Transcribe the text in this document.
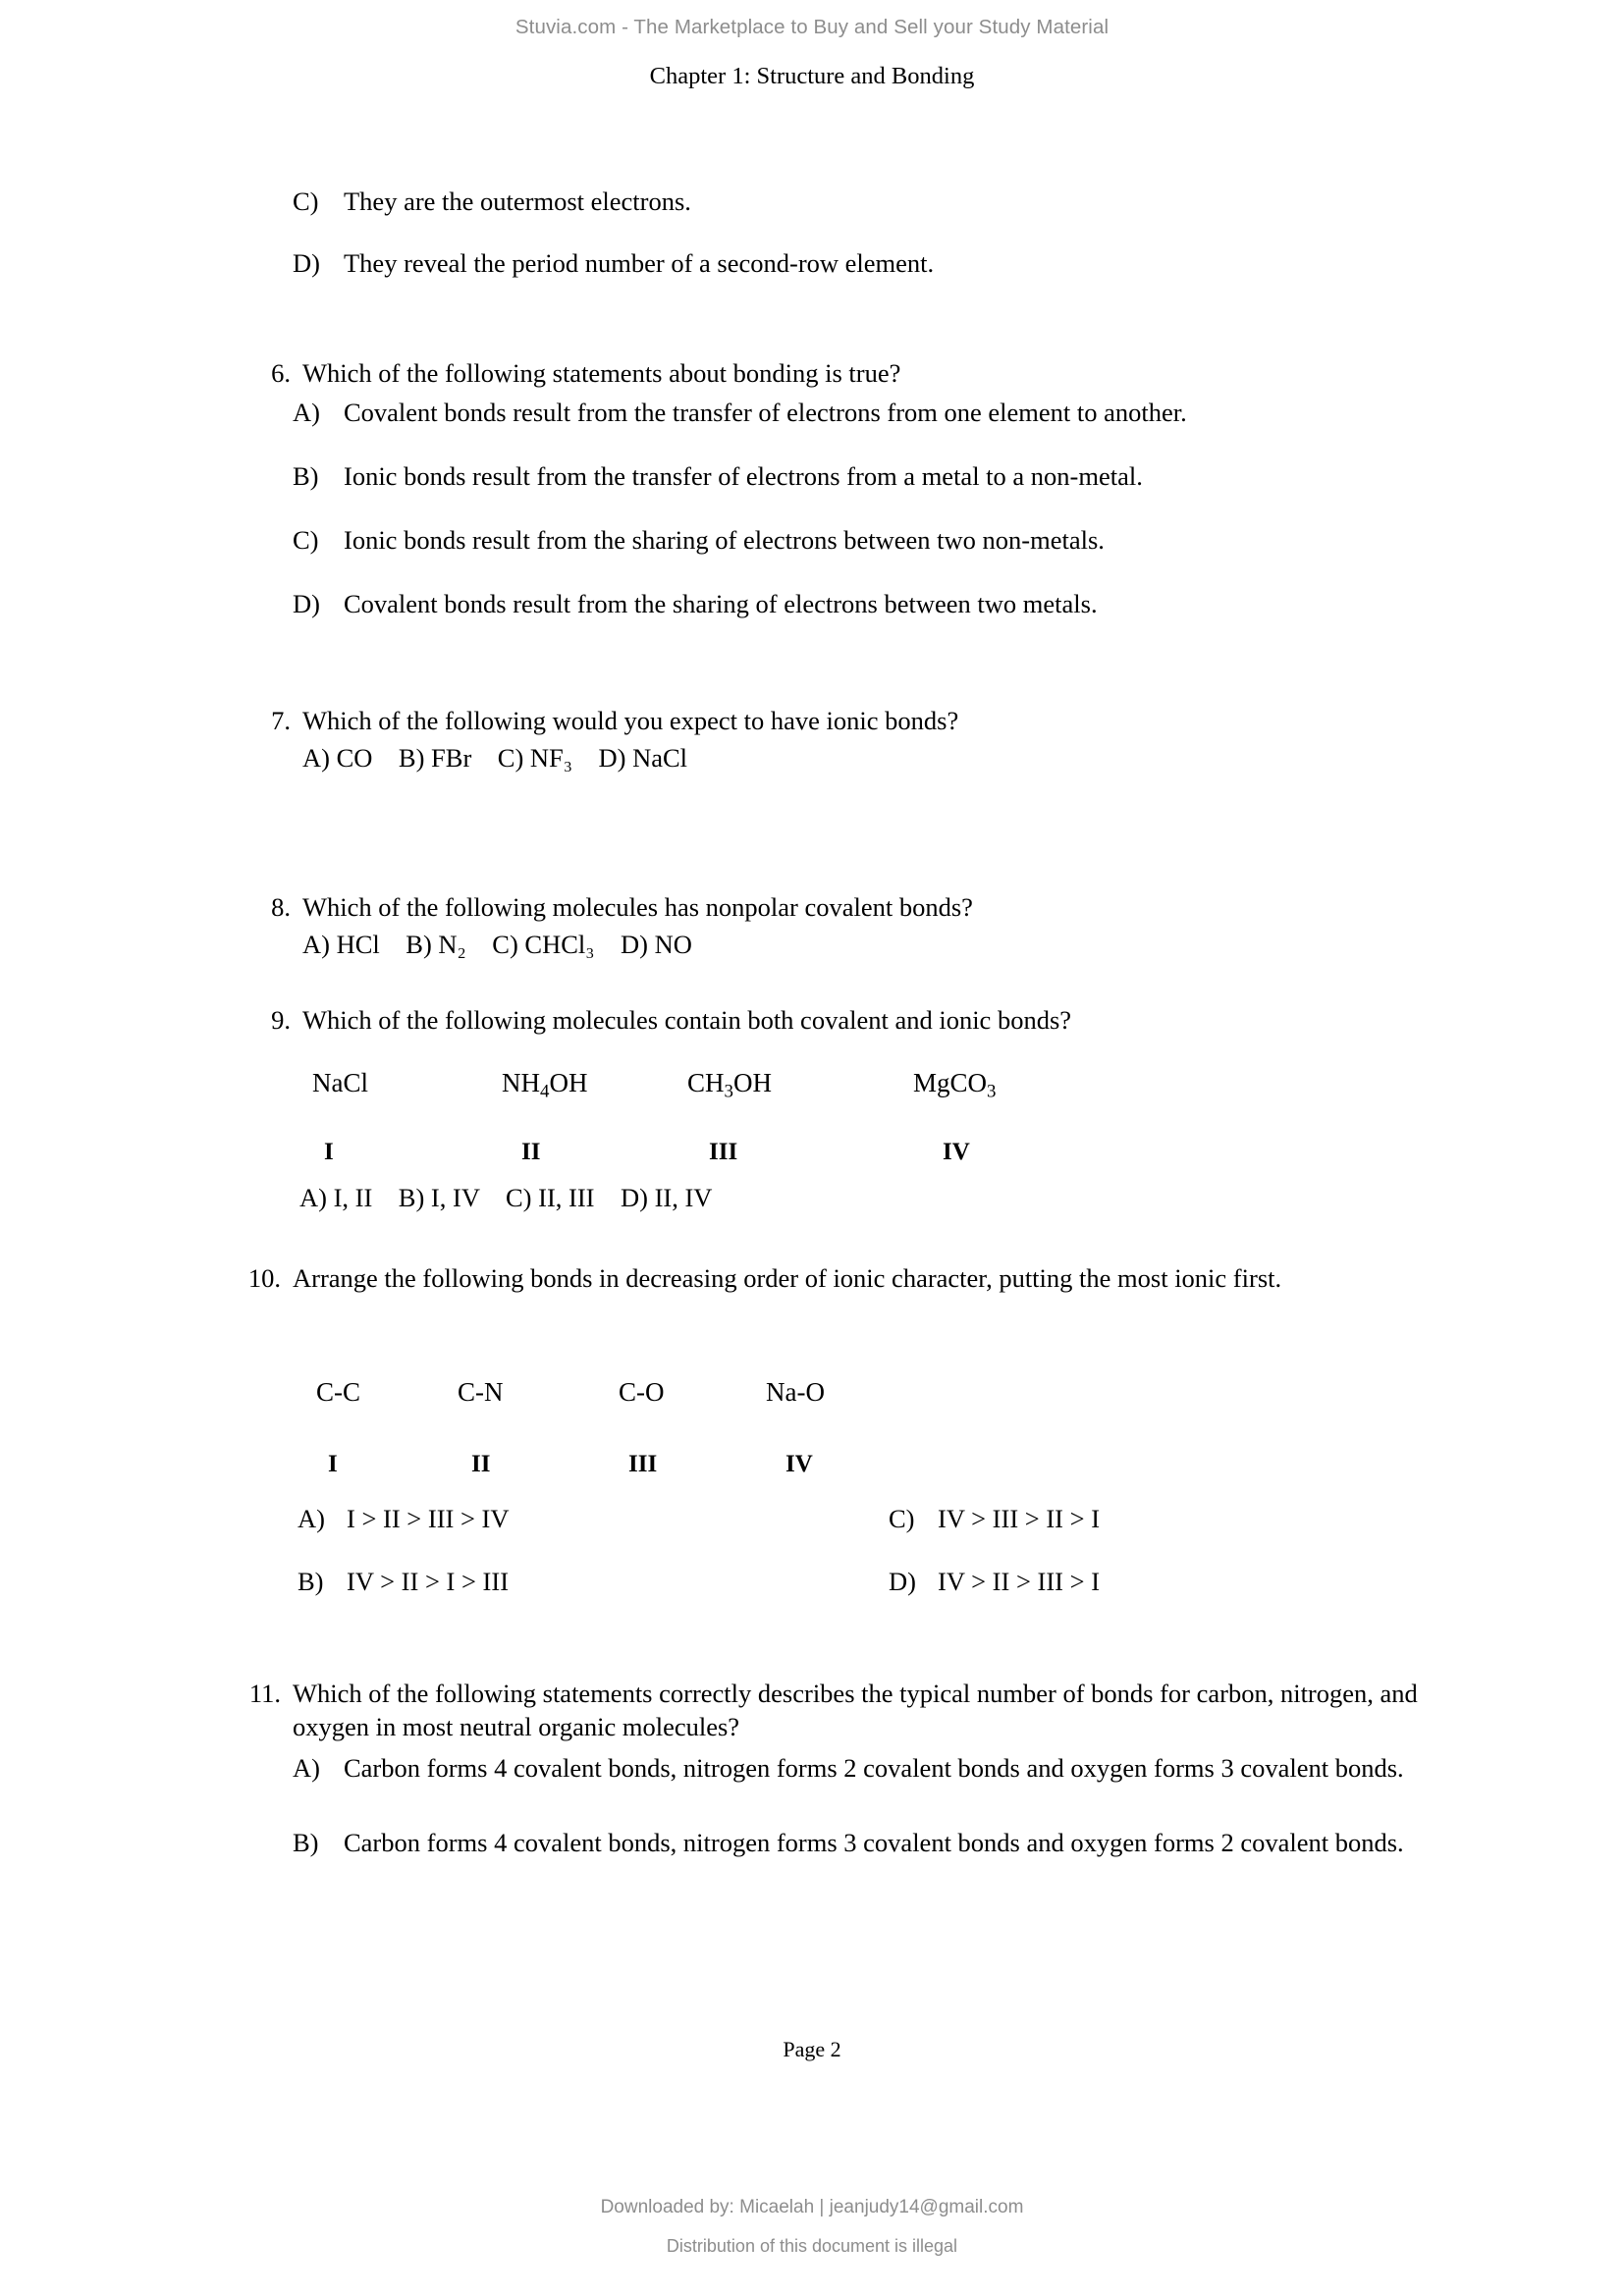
Stuvia.com - The Marketplace to Buy and Sell your Study Material
Chapter 1: Structure and Bonding
C) They are the outermost electrons.
D) They reveal the period number of a second-row element.
6. Which of the following statements about bonding is true?
A) Covalent bonds result from the transfer of electrons from one element to another.
B) Ionic bonds result from the transfer of electrons from a metal to a non-metal.
C) Ionic bonds result from the sharing of electrons between two non-metals.
D) Covalent bonds result from the sharing of electrons between two metals.
7. Which of the following would you expect to have ionic bonds?
A) CO    B) FBr    C) NF₃    D) NaCl
8. Which of the following molecules has nonpolar covalent bonds?
A) HCl    B) N₂    C) CHCl₃    D) NO
9. Which of the following molecules contain both covalent and ionic bonds?
NaCl	$NH_4OH$	$CH_3OH$	MgCO$_3$
I	II	III	IV
A) I, II    B) I, IV    C) II, III    D) II, IV
10. Arrange the following bonds in decreasing order of ionic character, putting the most ionic first.
C-C	C-N	C-O	Na-O
I	II	III	IV
A) I > II > III > IV	C) IV > III > II > I
B) IV > II > I > III	D) IV > II > III > I
11. Which of the following statements correctly describes the typical number of bonds for carbon, nitrogen, and oxygen in most neutral organic molecules?
A) Carbon forms 4 covalent bonds, nitrogen forms 2 covalent bonds and oxygen forms 3 covalent bonds.
B) Carbon forms 4 covalent bonds, nitrogen forms 3 covalent bonds and oxygen forms 2 covalent bonds.
Page 2
Downloaded by: Micaelah | jeanjudy14@gmail.com
Distribution of this document is illegal
